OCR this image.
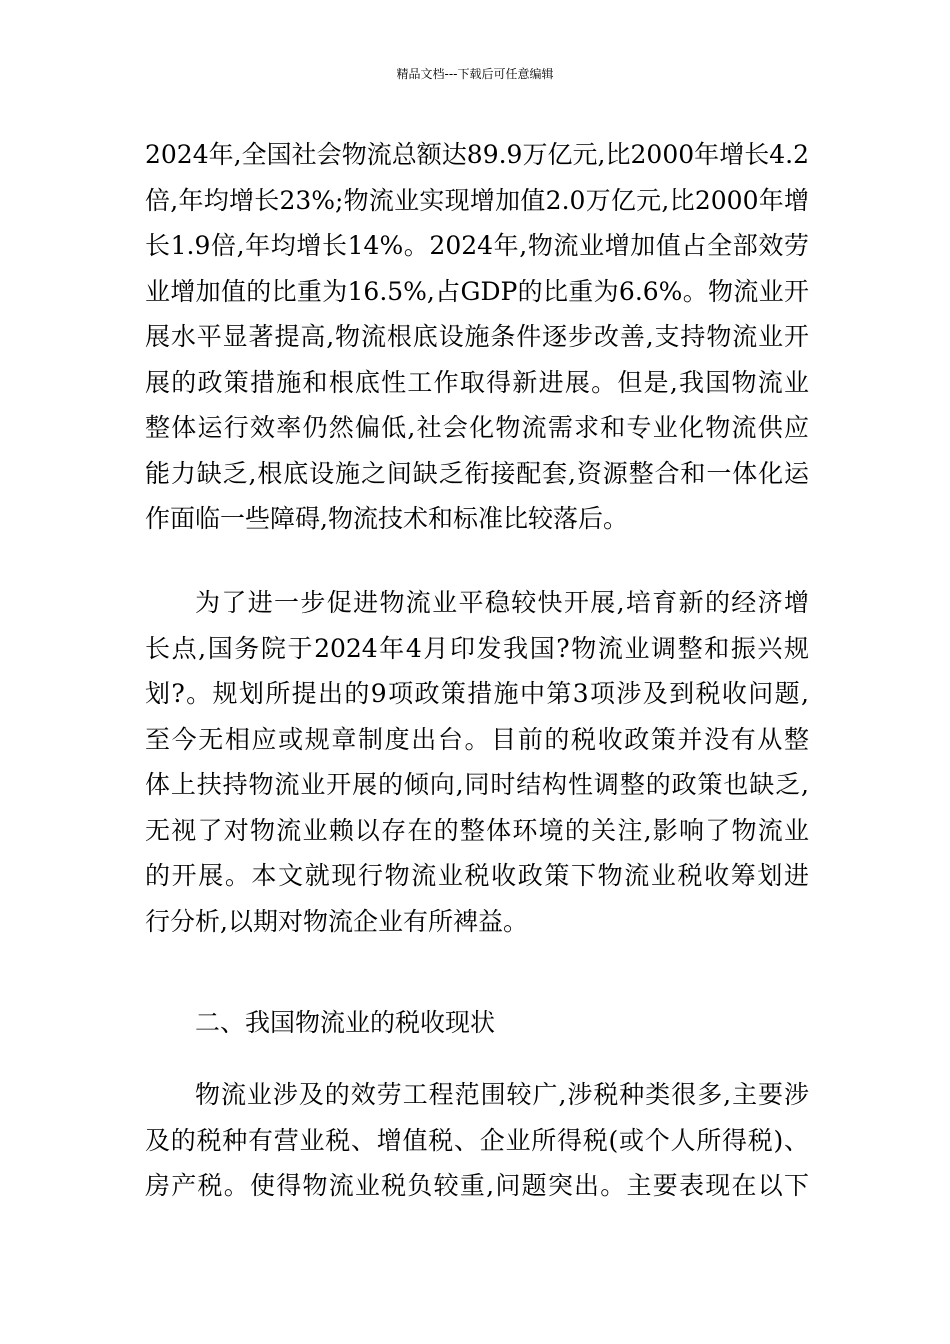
精品文档---下载后可任意编辑
2024年,全国社会物流总额达89.9万亿元,比2000年增长4.2
倍,年均增长23%;物流业实现增加值2.0万亿元,比2000年增
长1.9倍,年均增长14%。2024年,物流业增加值占全部效劳
业增加值的比重为16.5%,占GDP的比重为6.6%。物流业开
展水平显著提高,物流根底设施条件逐步改善,支持物流业开
展的政策措施和根底性工作取得新进展。但是,我国物流业
整体运行效率仍然偏低,社会化物流需求和专业化物流供应
能力缺乏,根底设施之间缺乏衔接配套,资源整合和一体化运
作面临一些障碍,物流技术和标准比较落后。
为了进一步促进物流业平稳较快开展,培育新的经济增
长点,国务院于2024年4月印发我国?物流业调整和振兴规
划?。规划所提出的9项政策措施中第3项涉及到税收问题,
至今无相应或规章制度出台。目前的税收政策并没有从整
体上扶持物流业开展的倾向,同时结构性调整的政策也缺乏,
无视了对物流业赖以存在的整体环境的关注,影响了物流业
的开展。本文就现行物流业税收政策下物流业税收筹划进
行分析,以期对物流企业有所裨益。
二、我国物流业的税收现状
物流业涉及的效劳工程范围较广,涉税种类很多,主要涉
及的税种有营业税、增值税、企业所得税(或个人所得税)、
房产税。使得物流业税负较重,问题突出。主要表现在以下
